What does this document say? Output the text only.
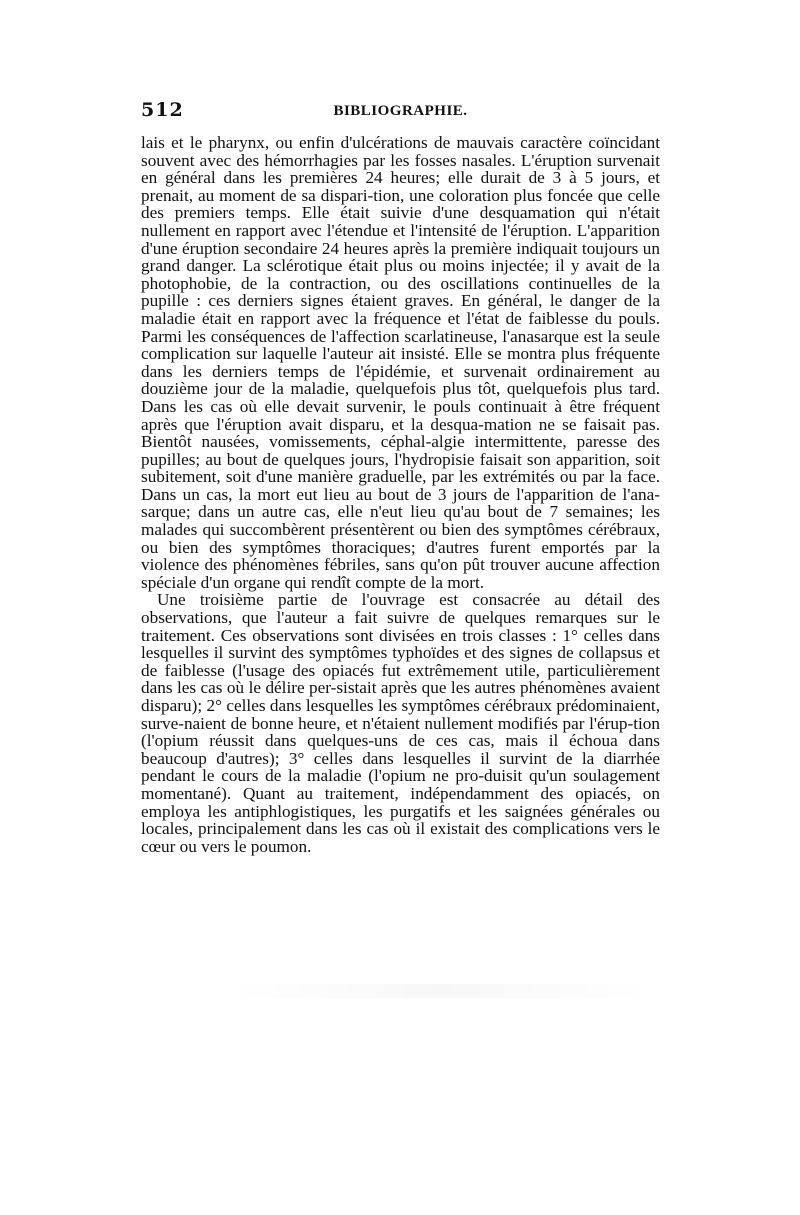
512	BIBLIOGRAPHIE.

lais et le pharynx, ou enfin d'ulcérations de mauvais caractère coïncidant souvent avec des hémorrhagies par les fosses nasales. L'éruption survenait en général dans les premières 24 heures; elle durait de 3 à 5 jours, et prenait, au moment de sa dispari-tion, une coloration plus foncée que celle des premiers temps. Elle était suivie d'une desquamation qui n'était nullement en rapport avec l'étendue et l'intensité de l'éruption. L'apparition d'une éruption secondaire 24 heures après la première indiquait toujours un grand danger. La sclérotique était plus ou moins injectée; il y avait de la photophobie, de la contraction, ou des oscillations continuelles de la pupille : ces derniers signes étaient graves. En général, le danger de la maladie était en rapport avec la fréquence et l'état de faiblesse du pouls. Parmi les conséquences de l'affection scarlatineuse, l'anasarque est la seule complication sur laquelle l'auteur ait insisté. Elle se montra plus fréquente dans les derniers temps de l'épidémie, et survenait ordinairement au douzième jour de la maladie, quelquefois plus tôt, quelquefois plus tard. Dans les cas où elle devait survenir, le pouls continuait à être fréquent après que l'éruption avait disparu, et la desqua-mation ne se faisait pas. Bientôt nausées, vomissements, céphal-algie intermittente, paresse des pupilles; au bout de quelques jours, l'hydropisie faisait son apparition, soit subitement, soit d'une manière graduelle, par les extrémités ou par la face. Dans un cas, la mort eut lieu au bout de 3 jours de l'apparition de l'ana-sarque; dans un autre cas, elle n'eut lieu qu'au bout de 7 semaines; les malades qui succombèrent présentèrent ou bien des symptômes cérébraux, ou bien des symptômes thoraciques; d'autres furent emportés par la violence des phénomènes fébriles, sans qu'on pût trouver aucune affection spéciale d'un organe qui rendît compte de la mort.

Une troisième partie de l'ouvrage est consacrée au détail des observations, que l'auteur a fait suivre de quelques remarques sur le traitement. Ces observations sont divisées en trois classes : 1° celles dans lesquelles il survint des symptômes typhoïdes et des signes de collapsus et de faiblesse (l'usage des opiacés fut extrêmement utile, particulièrement dans les cas où le délire per-sistait après que les autres phénomènes avaient disparu); 2° celles dans lesquelles les symptômes cérébraux prédominaient, surve-naient de bonne heure, et n'étaient nullement modifiés par l'érup-tion (l'opium réussit dans quelques-uns de ces cas, mais il échoua dans beaucoup d'autres); 3° celles dans lesquelles il survint de la diarrhée pendant le cours de la maladie (l'opium ne pro-duisit qu'un soulagement momentané). Quant au traitement, indépendamment des opiacés, on employa les antiphlogistiques, les purgatifs et les saignées générales ou locales, principalement dans les cas où il existait des complications vers le cœur ou vers le poumon.
